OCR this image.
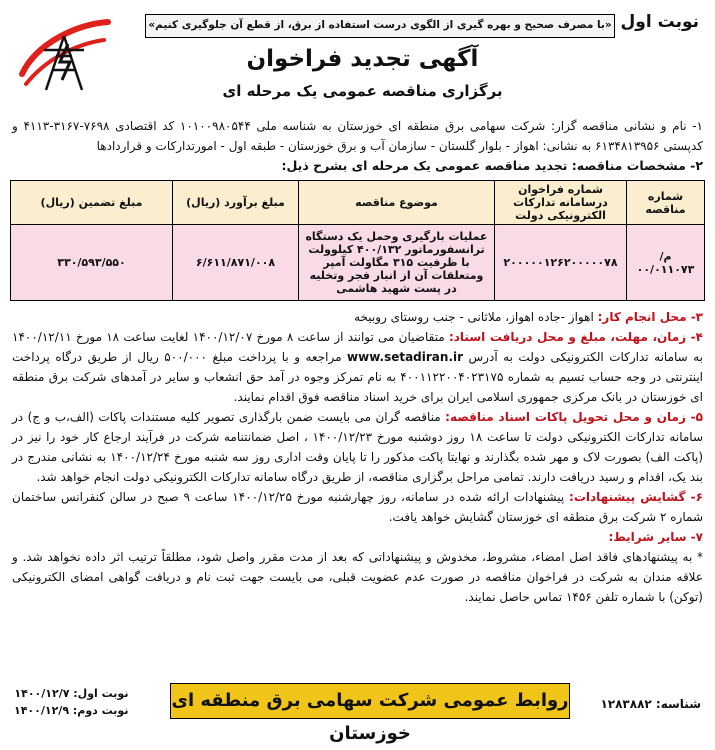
نوبت اول
«با مصرف صحیح و بهره گیری از الگوی درست استفاده از برق، از قطع آن جلوگیری کنیم»
آگهی تجدید فراخوان
برگزاری مناقصه عمومی یک مرحله ای

۱- نام و نشانی مناقصه گزار: شرکت سهامی برق منطقه ای خوزستان به شناسه ملی ۱۰۱۰۰۹۸۰۵۴۴ کد اقتصادی ۷۶۹۸-۳۱۶۷-۴۱۱۳ و کدپستی ۶۱۳۴۸۱۳۹۵۶ به نشانی: اهواز - بلوار گلستان - سازمان آب و برق خوزستان - طبقه اول - امورتدارکات و قراردادها

۲- مشخصات مناقصه: تجدید مناقصه عمومی یک مرحله ای بشرح ذیل:
شماره مناقصه	شماره فراخوان درسامانه تدارکات الکترونیکی دولت	موضوع مناقصه	مبلغ برآورد (ریال)	مبلغ تضمین (ریال)
م/۰۰/۰۱۱۰۷۳	۲۰۰۰۰۰۱۲۶۲۰۰۰۰۰۷۸	عملیات بارگیری وحمل یک دستگاه ترانسفورماتور ۴۰۰/۱۳۲ کیلوولت با ظرفیت ۳۱۵ مگاولت آمپر ومتعلقات آن از انبار فجر وتخلیه در پست شهید هاشمی	۶/۶۱۱/۸۷۱/۰۰۸	۳۳۰/۵۹۳/۵۵۰

۳- محل انجام کار: اهواز -جاده اهواز، ملاثانی - جنب روستای روبیخه

۴- زمان، مهلت، مبلغ و محل دریافت اسناد: متقاضیان می توانند از ساعت ۸ مورخ ۱۴۰۰/۱۲/۰۷ لغایت ساعت ۱۸ مورخ ۱۴۰۰/۱۲/۱۱ به سامانه تدارکات الکترونیکی دولت به آدرس www.setadiran.ir مراجعه و با پرداخت مبلغ ۵۰۰/۰۰۰ ریال از طریق درگاه پرداخت اینترنتی در وجه حساب تسیم به شماره ۴۰۰۱۱۲۲۰۰۴۰۲۳۱۷۵ به نام تمرکز وجوه در آمد حق انشعاب و سایر در آمدهای شرکت برق منطقه ای خوزستان در بانک مرکزی جمهوری اسلامی ایران برای خرید اسناد مناقصه فوق اقدام نمایند.

۵- زمان و محل تحویل پاکات اسناد مناقصه: مناقصه گران می بایست ضمن بارگذاری تصویر کلیه مستندات پاکات (الف،ب و ج) در سامانه تدارکات الکترونیکی دولت تا ساعت ۱۸ روز دوشنبه مورخ ۱۴۰۰/۱۲/۲۳ ، اصل ضمانتنامه شرکت در فرآیند ارجاع کار خود را نیز در (پاکت الف) بصورت لاک و مهر شده بگذارند و نهایتا پاکت مذکور را تا پایان وقت اداری روز سه شنبه مورخ ۱۴۰۰/۱۲/۲۴ به نشانی مندرج در بند یک، اقدام و رسید دریافت دارند. تمامی مراحل برگزاری مناقصه، از طریق درگاه سامانه تدارکات الکترونیکی دولت انجام خواهد شد.

۶- گشایش پیشنهادات: پیشنهادات ارائه شده در سامانه، روز چهارشنبه مورخ ۱۴۰۰/۱۲/۲۵ ساعت ۹ صبح در سالن کنفرانس ساختمان شماره ۲ شرکت برق منطقه ای خوزستان گشایش خواهد یافت.

۷- سایر شرایط:

* به پیشنهادهای فاقد اصل امضاء، مشروط، مخدوش و پیشنهاداتی که بعد از مدت مقرر واصل شود، مطلقاً ترتیب اثر داده نخواهد شد. و علاقه مندان به شرکت در فراخوان مناقصه در صورت عدم عضویت قبلی، می بایست جهت ثبت نام و دریافت گواهی امضای الکترونیکی (توکن) با شماره تلفن ۱۴۵۶ تماس حاصل نمایند.

شناسه: ۱۲۸۳۸۸۲
روابط عمومی شرکت سهامی برق منطقه ای خوزستان
نوبت اول: ۱۴۰۰/۱۲/۷
نوبت دوم: ۱۴۰۰/۱۲/۹
